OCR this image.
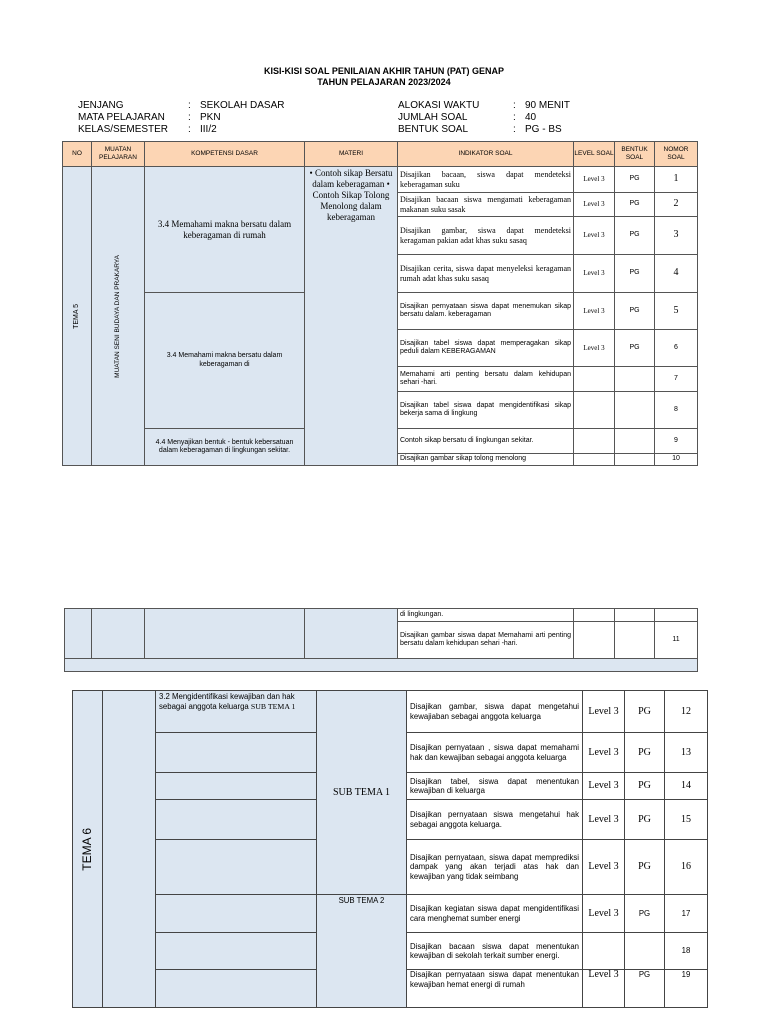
KISI-KISI SOAL PENILAIAN AKHIR TAHUN (PAT) GENAP
TAHUN PELAJARAN 2023/2024
JENJANG	: SEKOLAH DASAR
MATA PELAJARAN : PKN
KELAS/SEMESTER : III/2
ALOKASI WAKTU	: 90 MENIT
JUMLAH SOAL	: 40
BENTUK SOAL	: PG - BS
NO	MUATAN PELAJARAN	KOMPETENSI DASAR	MATERI	INDIKATOR SOAL	LEVEL SOAL	BENTUK SOAL	NOMOR SOAL

TEMA 5	MUATAN SENI BUDAYA DAN PRAKARYA	3.4 Memahami makna bersatu dalam keberagaman di rumah	• Contoh sikap Bersatu dalam keberagaman • Contoh Sikap Tolong Menolong dalam keberagaman	Disajikan bacaan, siswa dapat mendeteksi keberagaman suku	Level 3	PG	1
				Disajikan bacaan siswa mengamati keberagaman makanan suku sasak	Level 3	PG	2
				Disajikan gambar, siswa dapat mendeteksi keragaman pakian adat khas suku sasaq	Level 3	PG	3
				Disajikan cerita, siswa dapat menyeleksi keragaman rumah adat khas suku sasaq	Level 3	PG	4
		3.4 Memahami makna bersatu dalam keberagaman di		Disajikan pernyataan siswa dapat menemukan sikap bersatu dalam. keberagaman	Level 3	PG	5
				Disajikan tabel siswa dapat memperagakan sikap peduli dalam KEBERAGAMAN	Level 3	PG	6
				Memahami arti penting bersatu dalam kehidupan sehari -hari.			7
				Disajikan tabel siswa dapat mengidentifikasi sikap bekerja sama di lingkung			8
		4.4 Menyajikan bentuk - bentuk kebersatuan dalam keberagaman di lingkungan sekitar.		Contoh sikap bersatu di lingkungan sekitar.			9
				Disajikan gambar sikap tolong menolong			10
				di lingkungan.			
				Disajikan gambar siswa dapat Memahami arti penting bersatu dalam kehidupan sehari -hari.			11

TEMA 6		3.2 Mengidentifikasi kewajiban dan hak sebagai anggota keluarga SUB TEMA 1	SUB TEMA 1	Disajikan gambar, siswa dapat mengetahui kewajiaban sebagai anggota keluarga	Level 3	PG	12
				Disajikan pernyataan , siswa dapat memahami hak dan kewajiban sebagai anggota keluarga	Level 3	PG	13
				Disajikan tabel, siswa dapat menentukan kewajiban di keluarga	Level 3	PG	14
				Disajikan pernyataan siswa mengetahui hak sebagai anggota keluarga.	Level 3	PG	15
				Disajikan pernyataan, siswa dapat memprediksi dampak yang akan terjadi atas hak dan kewajiban yang tidak seimbang	Level 3	PG	16
			SUB TEMA 2	Disajikan kegiatan siswa dapat mengidentifikasi cara menghemat sumber energi	Level 3	PG	17
				Disajikan bacaan siswa dapat menentukan kewajiban di sekolah terkait sumber energi.			18
				Disajikan pernyataan siswa dapat menentukan kewajiban hemat energi di rumah	Level 3	PG	19
